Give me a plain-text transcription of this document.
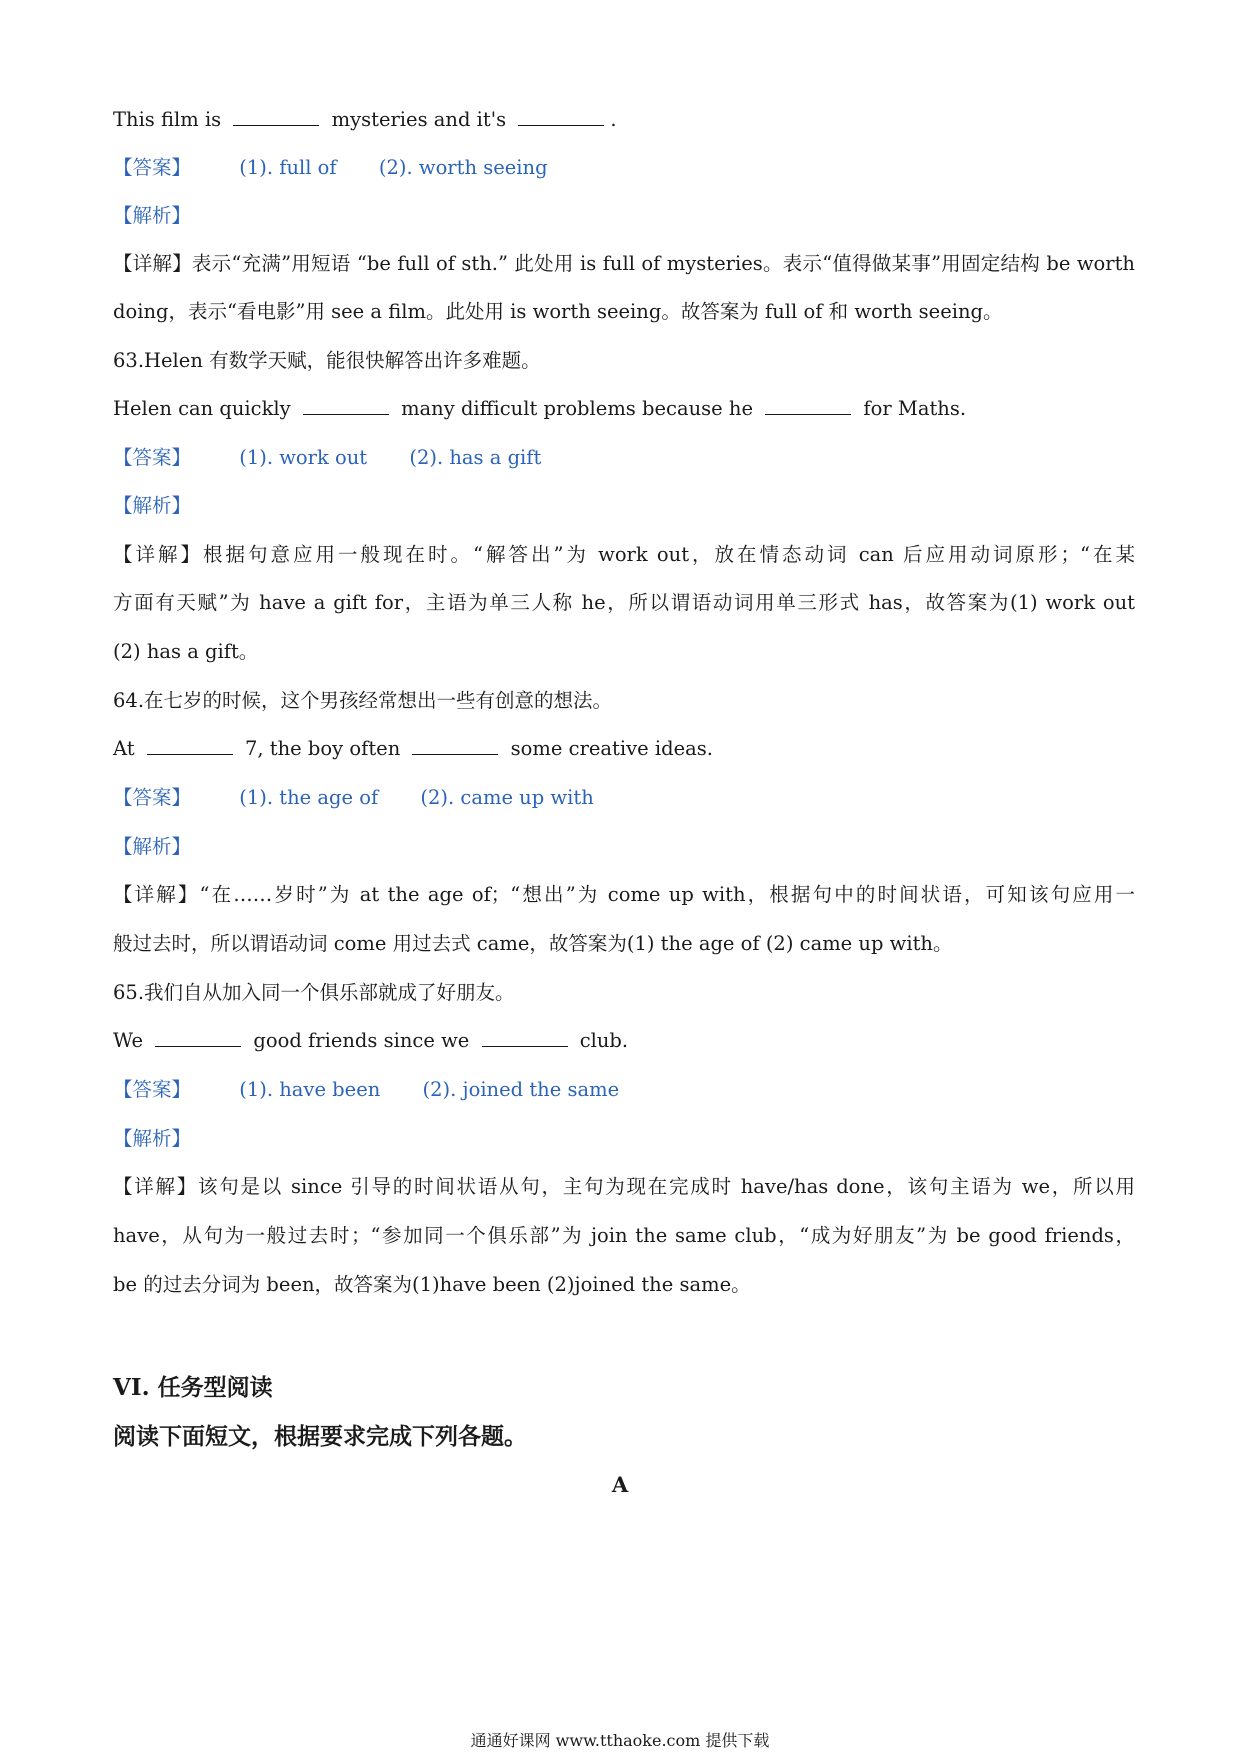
This film is	mysteries and it's	.
【答案】 (1). full of (2). worth seeing
【解析】
【详解】表示“充满”用短语 “be full of sth.” 此处用 is full of mysteries。表示“值得做某事”用固定结构 be worth
doing，表示“看电影”用 see a film。此处用 is worth seeing。故答案为 full of 和 worth seeing。
63.Helen 有数学天赋，能很快解答出许多难题。
Helen can quickly	many difficult problems because he	for Maths.
【答案】 (1). work out (2). has a gift
【解析】
【详解】根据句意应用一般现在时。“解答出”为 work out，放在情态动词 can 后应用动词原形；“在某
方面有天赋”为 have a gift for，主语为单三人称 he，所以谓语动词用单三形式 has，故答案为(1) work out
(2) has a gift。
64.在七岁的时候，这个男孩经常想出一些有创意的想法。
At	7, the boy often	some creative ideas.
【答案】 (1). the age of (2). came up with
【解析】
【详解】“在……岁时”为 at the age of；“想出”为 come up with，根据句中的时间状语，可知该句应用一
般过去时，所以谓语动词 come 用过去式 came，故答案为(1) the age of (2) came up with。
65.我们自从加入同一个俱乐部就成了好朋友。
We	good friends since we	club.
【答案】 (1). have been (2). joined the same
【解析】
【详解】该句是以 since 引导的时间状语从句，主句为现在完成时 have/has done，该句主语为 we，所以用
have，从句为一般过去时；“参加同一个俱乐部”为 join the same club，“成为好朋友”为 be good friends，
be 的过去分词为 been，故答案为(1)have been (2)joined the same。
VI. 任务型阅读
阅读下面短文，根据要求完成下列各题。
A
通通好课网 www.tthaoke.com 提供下载
